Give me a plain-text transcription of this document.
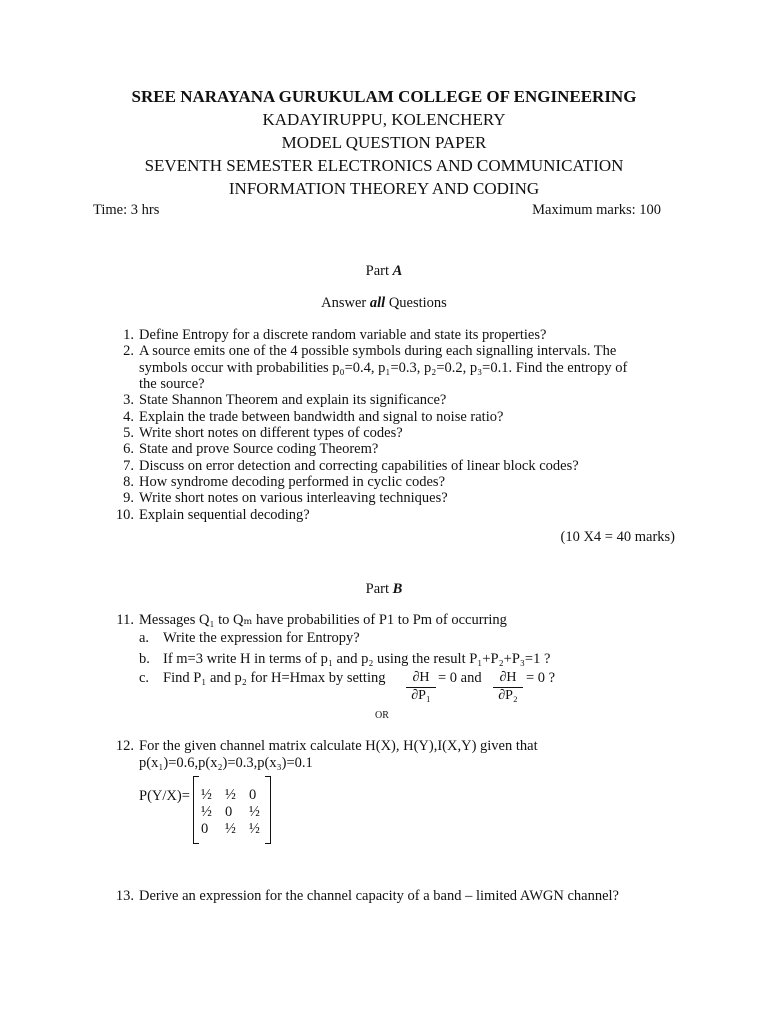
SREE NARAYANA GURUKULAM COLLEGE OF ENGINEERING
KADAYIRUPPU, KOLENCHERY
MODEL QUESTION PAPER
SEVENTH SEMESTER ELECTRONICS AND COMMUNICATION
INFORMATION THEOREY AND CODING
Time: 3 hrs	Maximum marks: 100
Part A
Answer all Questions
1. Define Entropy for a discrete random variable and state its properties?
2. A source emits one of the 4 possible symbols during each signalling intervals. The
symbols occur with probabilities p₀=0.4, p₁=0.3, p₂=0.2, p₃=0.1. Find the entropy of
the source?
3. State Shannon Theorem and explain its significance?
4. Explain the trade between bandwidth and signal to noise ratio?
5. Write short notes on different types of codes?
6. State and prove Source coding Theorem?
7. Discuss on error detection and correcting capabilities of linear block codes?
8. How syndrome decoding performed in cyclic codes?
9. Write short notes on various interleaving techniques?
10. Explain sequential decoding?
(10 X4 = 40 marks)
Part B
11. Messages Q₁ to Qₘ have probabilities of P1 to Pm of occurring
a. Write the expression for Entropy?
b. If m=3 write H in terms of p₁ and p₂ using the result P₁+P₂+P₃=1 ?
c. Find P₁ and p₂ for H=Hmax by setting $\frac{\partial H}{\text{∂P₁}} = 0$ and $\frac{\partial H}{\text{∂P₂}} = 0$ ?
OR
12. For the given channel matrix calculate H(X), H(Y),I(X,Y) given that
p(x₁)=0.6,p(x₂)=0.3,p(x₃)=0.1
P(Y/X)= ½ ½ 0
½ 0	½
0	½ ½
13. Derive an expression for the channel capacity of a band – limited AWGN channel?
